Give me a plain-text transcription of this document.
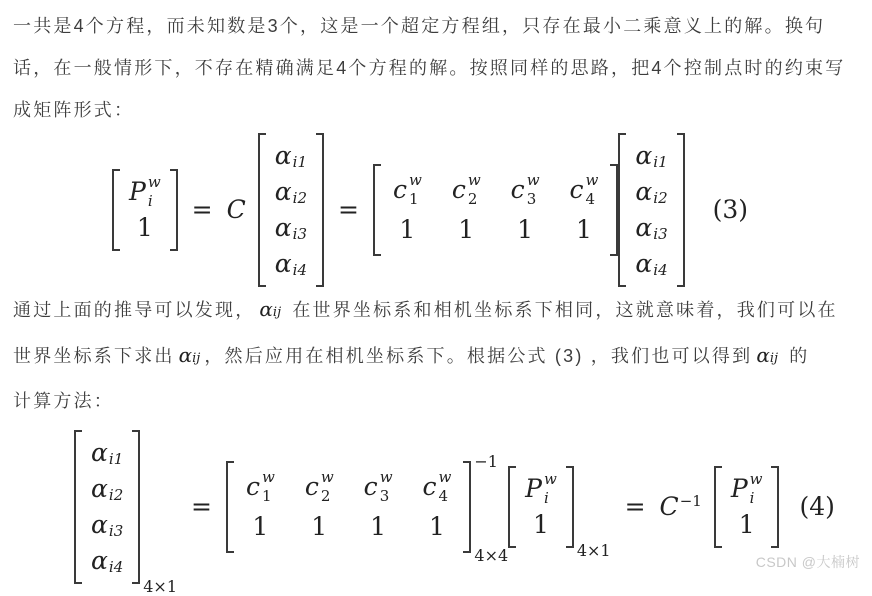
一共是4个方程，而未知数是3个，这是一个超定方程组，只存在最小二乘意义上的解。换句
话，在一般情形下，不存在精确满足4个方程的解。按照同样的思路，把4个控制点时的约束写
成矩阵形式：

P w
i
1
= C
α i1
α i2
α i3
α i4
=
c w
1 c w
2 c w
3 c w
4
1 1 1 1
α i1
α i2
α i3
α i4
(3)

通过上面的推导可以发现， αij 在世界坐标系和相机坐标系下相同，这就意味着，我们可以在
世界坐标系下求出 αij ，然后应用在相机坐标系下。根据公式 (3) ，我们也可以得到 αij 的
计算方法：

α i1
α i2
α i3
α i4
4×1
=
c w
1 c w
2 c w
3 c w
4
1 1 1 1
−1
4×4
P w
i
1
4×1
= $C^{-1}$ P w
i
1
(4)
CSDN @大楠树
